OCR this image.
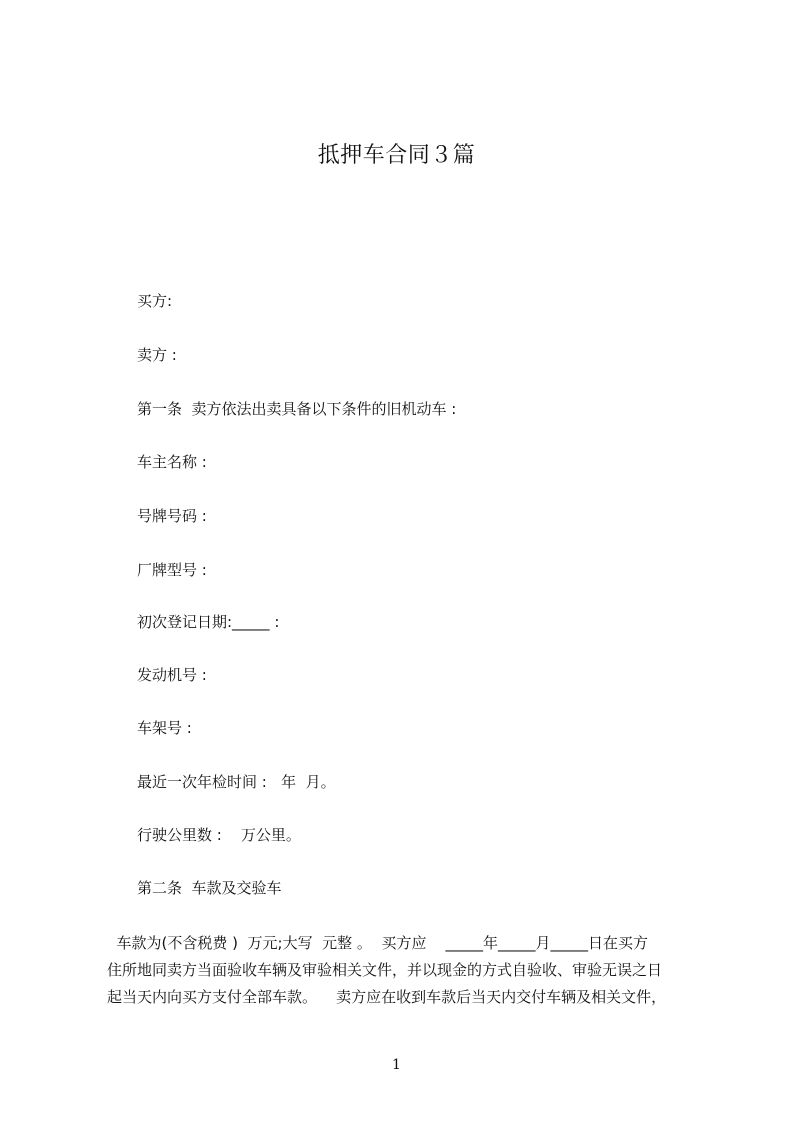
抵押车合同３篇
买方:
卖方 :
第一条  卖方依法出卖具备以下条件的旧机动车 :
车主名称 :
号牌号码 :
厂牌型号 :
初次登记日期:_____ :
发动机号 :
车架号 :
最近一次年检时间 :   年  月。
行驶公里数 :    万公里。
第二条  车款及交验车
车款为(不含税费 )  万元;大写  元整 。  买方应    _____年_____月_____日在买方
住所地同卖方当面验收车辆及审验相关文件，并以现金的方式自验收、审验无误之日
起当天内向买方支付全部车款。    卖方应在收到车款后当天内交付车辆及相关文件，
1
